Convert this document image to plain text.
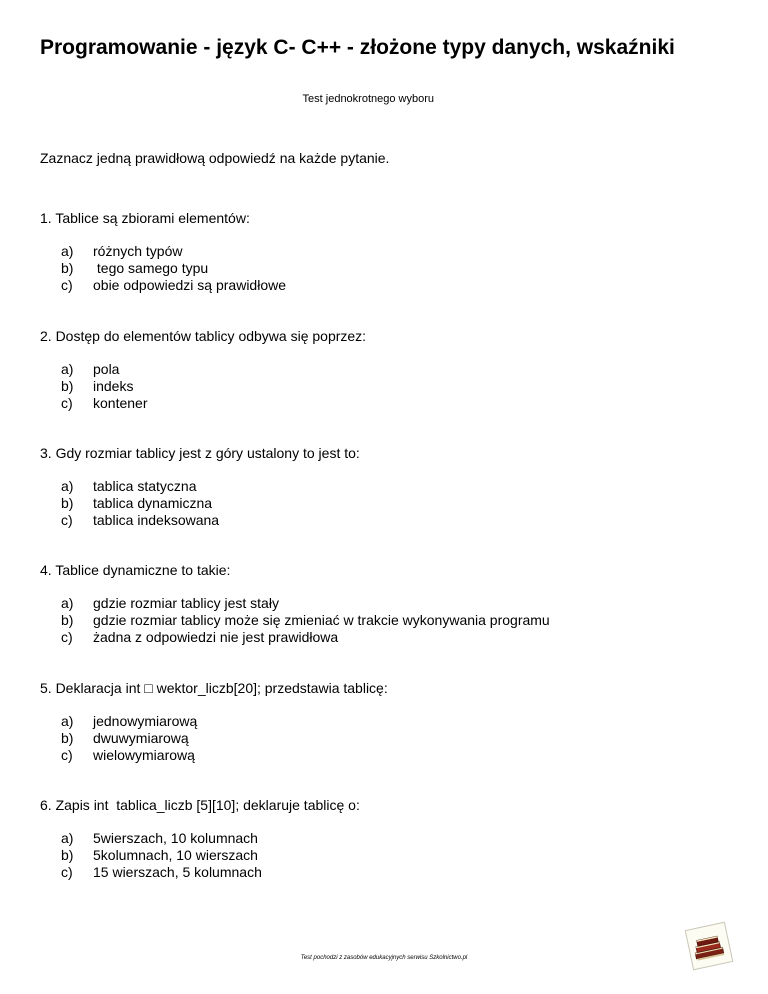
Programowanie - język C- C++ - złożone typy danych, wskaźniki
Test jednokrotnego wyboru
Zaznacz jedną prawidłową odpowiedź na każde pytanie.

1. Tablice są zbiorami elementów:

a)	różnych typów
b)	tego samego typu
c)	obie odpowiedzi są prawidłowe

2. Dostęp do elementów tablicy odbywa się poprzez:

a)	pola
b)	indeks
c)	kontener

3. Gdy rozmiar tablicy jest z góry ustalony to jest to:

a)	tablica statyczna
b)	tablica dynamiczna
c)	tablica indeksowana

4. Tablice dynamiczne to takie:

a)	gdzie rozmiar tablicy jest stały
b)	gdzie rozmiar tablicy może się zmieniać w trakcie wykonywania programu
c)	żadna z odpowiedzi nie jest prawidłowa

5. Deklaracja int □ wektor_liczb[20]; przedstawia tablicę:

a)	jednowymiarową
b)	dwuwymiarową
c)	wielowymiarową

6. Zapis int  tablica_liczb [5][10]; deklaruje tablicę o:

a)	5wierszach, 10 kolumnach
b)	5kolumnach, 10 wierszach
c)	15 wierszach, 5 kolumnach
Test pochodzi z zasobów edukacyjnych serwisu Szkolnictwo.pl
